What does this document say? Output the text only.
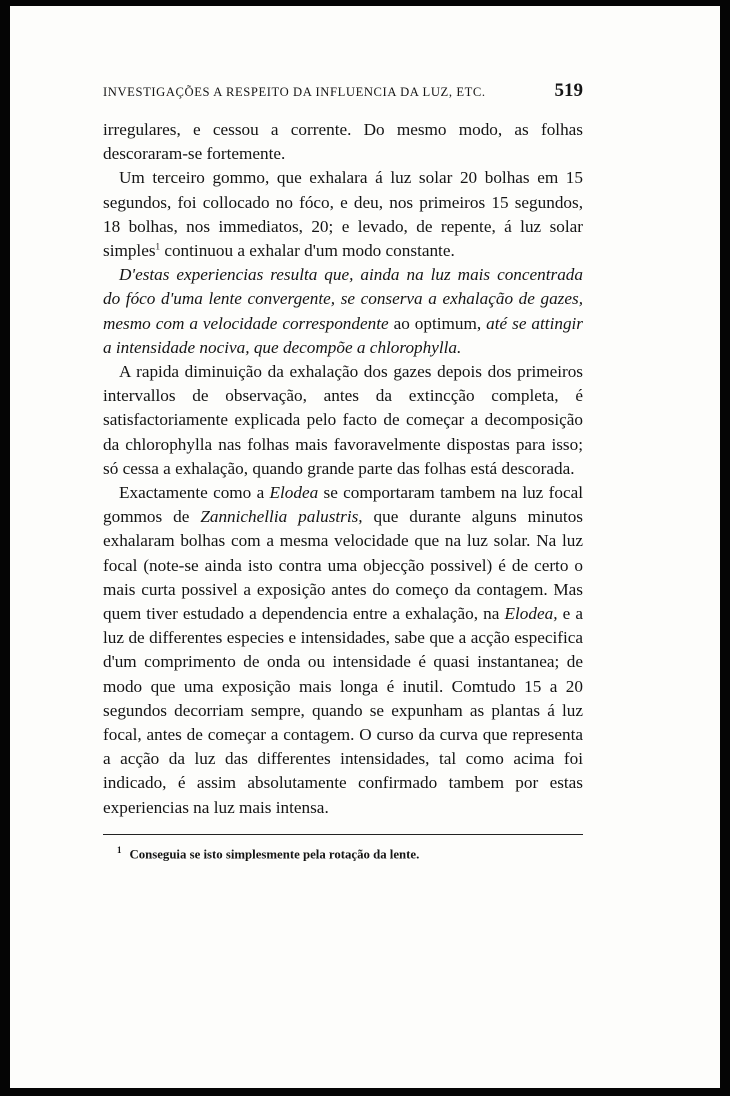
INVESTIGAÇÕES A RESPEITO DA INFLUENCIA DA LUZ, ETC.	519

irregulares, e cessou a corrente. Do mesmo modo, as folhas descoraram-se fortemente.

Um terceiro gommo, que exhalara á luz solar 20 bolhas em 15 segundos, foi collocado no fóco, e deu, nos primeiros 15 segundos, 18 bolhas, nos immediatos, 20; e levado, de repente, á luz solar simples$^1$ continuou a exhalar d'um modo constante.

D'estas experiencias resulta que, ainda na luz mais concentrada do fóco d'uma lente convergente, se conserva a exhalação de gazes, mesmo com a velocidade correspondente ao optimum, até se attingir a intensidade nociva, que decompõe a chlorophylla.

A rapida diminuição da exhalação dos gazes depois dos primeiros intervallos de observação, antes da extincção completa, é satisfactoriamente explicada pelo facto de começar a decomposição da chlorophylla nas folhas mais favoravelmente dispostas para isso; só cessa a exhalação, quando grande parte das folhas está descorada.

Exactamente como a Elodea se comportaram tambem na luz focal gommos de Zannichellia palustris, que durante alguns minutos exhalaram bolhas com a mesma velocidade que na luz solar. Na luz focal (note-se ainda isto contra uma objecção possivel) é de certo o mais curta possivel a exposição antes do começo da contagem. Mas quem tiver estudado a dependencia entre a exhalação, na Elodea, e a luz de differentes especies e intensidades, sabe que a acção especifica d'um comprimento de onda ou intensidade é quasi instantanea; de modo que uma exposição mais longa é inutil. Comtudo 15 a 20 segundos decorriam sempre, quando se expunham as plantas á luz focal, antes de começar a contagem. O curso da curva que representa a acção da luz das differentes intensidades, tal como acima foi indicado, é assim absolutamente confirmado tambem por estas experiencias na luz mais intensa.

$^1$ Conseguia se isto simplesmente pela rotação da lente.
